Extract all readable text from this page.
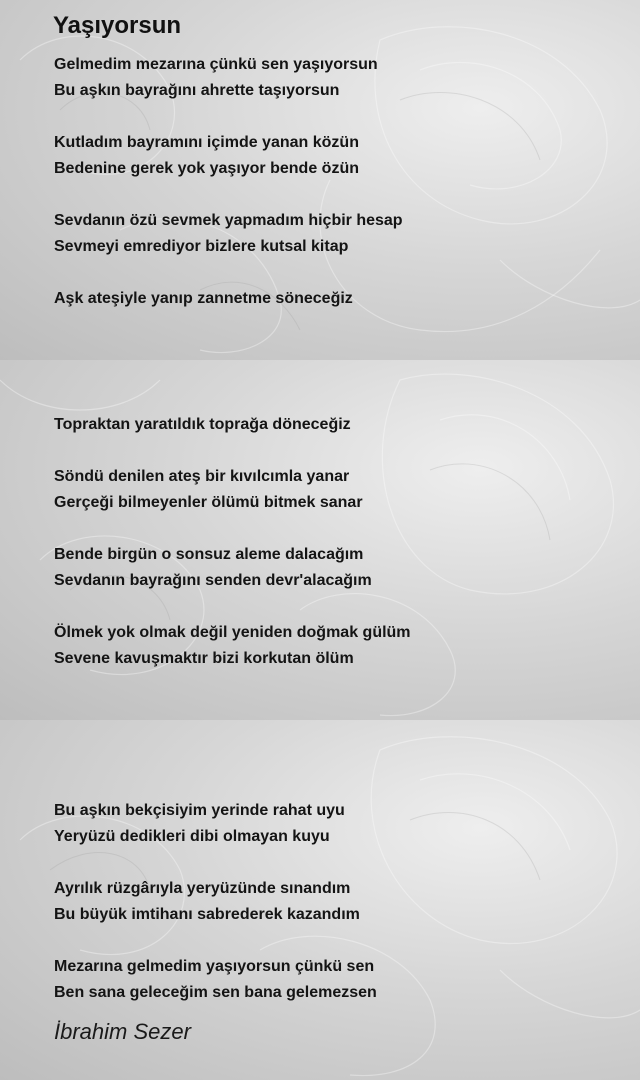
Yaşıyorsun
Gelmedim mezarına çünkü sen yaşıyorsun
Bu aşkın bayrağını ahrette taşıyorsun
Kutladım bayramını içimde yanan közün
Bedenine gerek yok yaşıyor bende özün
Sevdanın özü sevmek yapmadım hiçbir hesap
Sevmeyi emrediyor bizlere kutsal kitap
Aşk ateşiyle yanıp zannetme söneceğiz
Topraktan yaratıldık toprağa döneceğiz
Söndü denilen ateş bir kıvılcımla yanar
Gerçeği bilmeyenler ölümü bitmek sanar
Bende birgün o sonsuz aleme dalacağım
Sevdanın bayrağını senden devr'alacağım
Ölmek yok olmak değil yeniden doğmak gülüm
Sevene kavuşmaktır bizi korkutan ölüm
Bu aşkın bekçisiyim yerinde rahat uyu
Yeryüzü dedikleri dibi olmayan kuyu
Ayrılık rüzgârıyla yeryüzünde sınandım
Bu büyük imtihanı sabrederek kazandım
Mezarına gelmedim yaşıyorsun çünkü sen
Ben sana geleceğim sen bana gelemezsen
İbrahim Sezer
